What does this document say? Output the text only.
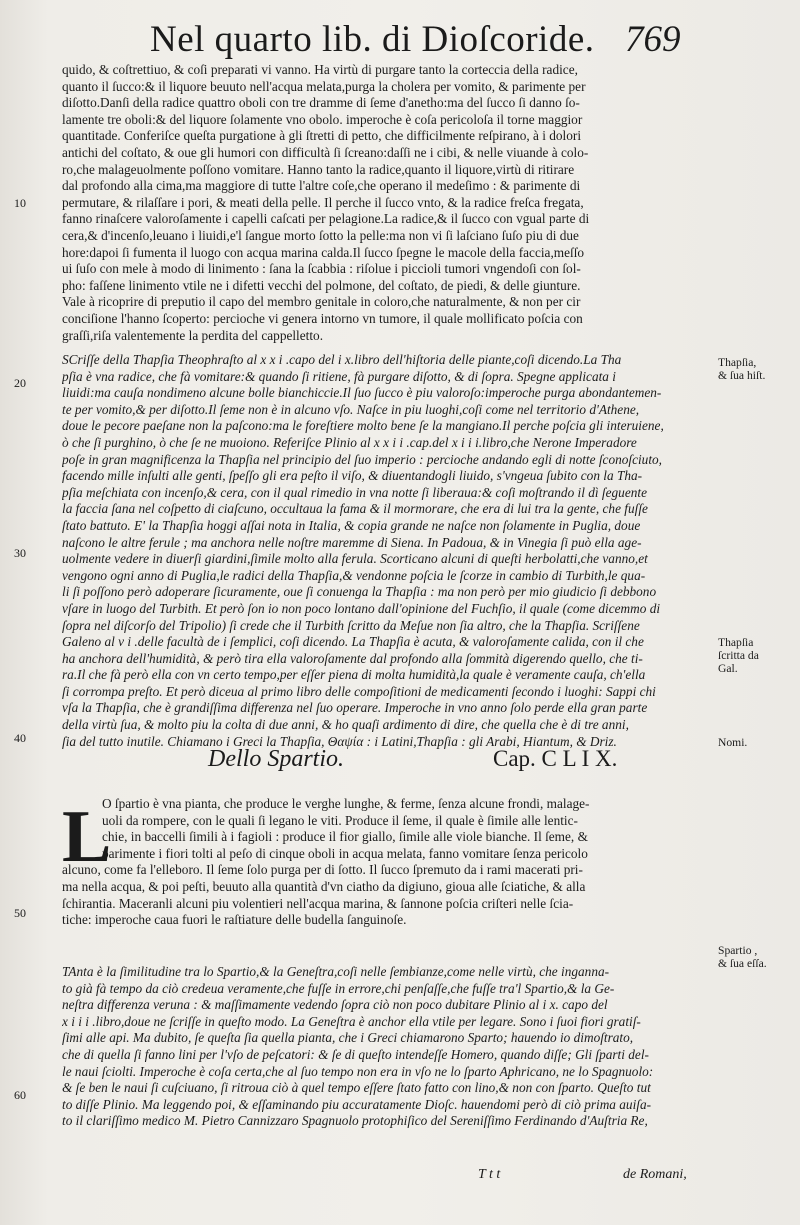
Nel quarto lib. di Dioſcoride. 769
quido, & coſtrettiuo, & coſi preparati vi vanno. Ha virtù di purgare tanto la corteccia della radice,
quanto il ſucco:& il liquore beuuto nell'acqua melata,purga la cholera per vomito, & parimente per
diſotto.Danſi della radice quattro oboli con tre dramme di ſeme d'anetho:ma del ſucco ſi danno ſo-
lamente tre oboli:& del liquore ſolamente vno obolo. imperoche è coſa pericoloſa il torne maggior
quantitade. Conferiſce queſta purgatione à gli ſtretti di petto, che difficilmente reſpirano, à i dolori
antichi del coſtato, & oue gli humori con difficultà ſi ſcreano:daſſi ne i cibi, & nelle viuande à colo-
ro,che malageuolmente poſſono vomitare. Hanno tanto la radice,quanto il liquore,virtù di ritirare
dal profondo alla cima,ma maggiore di tutte l'altre coſe,che operano il medeſimo : & parimente di
permutare, & rilaſſare i pori, & meati della pelle. Il perche il ſucco vnto, & la radice freſca fregata,
fanno rinaſcere valoroſamente i capelli caſcati per pelagione.La radice,& il ſucco con vgual parte di
cera,& d'incenſo,leuano i liuidi,e'l ſangue morto ſotto la pelle:ma non vi ſi laſciano ſuſo piu di due
hore:dapoi ſi fumenta il luogo con acqua marina calda.Il ſucco ſpegne le macole della faccia,meſſo
ui ſuſo con mele à modo di linimento : ſana la ſcabbia : riſolue i piccioli tumori vngendoſi con ſol-
pho: faſſene linimento vtile ne i difetti vecchi del polmone, del coſtato, de piedi, & delle giunture.
Vale à ricoprire di preputio il capo del membro genitale in coloro,che naturalmente, & non per cir
conciſione l'hanno ſcoperto: percioche vi genera intorno vn tumore, il quale mollificato poſcia con
graſſi,riſa valentemente la perdita del cappelletto.
SCriſſe della Thapſia Theophraſto al x x i .capo del i x.libro dell'hiſtoria delle piante,coſi dicendo.La Tha
pſia è vna radice, che fà vomitare:& quando ſi ritiene, fà purgare diſotto, & di ſopra. Spegne applicata i
liuidi:ma cauſa nondimeno alcune bolle bianchiccie.Il ſuo ſucco è piu valoroſo:imperoche purga abondantemen-
te per vomito,& per diſotto.Il ſeme non è in alcuno vſo. Naſce in piu luoghi,coſi come nel territorio d'Athene,
doue le pecore paeſane non la paſcono:ma le foreſtiere molto bene ſe la mangiano.Il perche poſcia gli interuiene,
ò che ſi purghino, ò che ſe ne muoiono. Referiſce Plinio al x x i i .cap.del x i i i.libro,che Nerone Imperadore
poſe in gran magnificenza la Thapſia nel principio del ſuo imperio : percioche andando egli di notte ſconoſciuto,
facendo mille inſulti alle genti, ſpeſſo gli era peſto il viſo, & diuentandogli liuido, s'vngeua ſubito con la Tha-
pſia meſchiata con incenſo,& cera, con il qual rimedio in vna notte ſi liberaua:& coſi moſtrando il dì ſeguente
la faccia ſana nel coſpetto di ciaſcuno, occultaua la fama & il mormorare, che era di lui tra la gente, che fuſſe
ſtato battuto. E' la Thapſia hoggi aſſai nota in Italia, & copia grande ne naſce non ſolamente in Puglia, doue
naſcono le altre ferule ; ma anchora nelle noſtre maremme di Siena. In Padoua, & in Vinegia ſi può ella age-
uolmente vedere in diuerſi giardini,ſimile molto alla ferula. Scorticano alcuni di queſti herbolatti,che vanno,et
vengono ogni anno di Puglia,le radici della Thapſia,& vendonne poſcia le ſcorze in cambio di Turbith,le qua-
li ſi poſſono però adoperare ſicuramente, oue ſi conuenga la Thapſia : ma non però per mio giudicio ſi debbono
vſare in luogo del Turbith. Et però ſon io non poco lontano dall'opinione del Fuchſio, il quale (come dicemmo di
ſopra nel diſcorſo del Tripolio) ſi crede che il Turbith ſcritto da Meſue non ſia altro, che la Thapſia. Scriſſene
Galeno al v i .delle facultà de i ſemplici, coſi dicendo. La Thapſia è acuta, & valoroſamente calida, con il che
ha anchora dell'humidità, & però tira ella valoroſamente dal profondo alla ſommità digerendo quello, che ti-
ra.Il che fà però ella con vn certo tempo,per eſſer piena di molta humidità,la quale è veramente cauſa, ch'ella
ſi corrompa preſto. Et però diceua al primo libro delle compoſitioni de medicamenti ſecondo i luoghi: Sappi chi
vſa la Thapſia, che è grandiſſima differenza nel ſuo operare. Imperoche in vno anno ſolo perde ella gran parte
della virtù ſua, & molto piu la colta di due anni, & ho quaſi ardimento di dire, che quella che è di tre anni,
ſia del tutto inutile. Chiamano i Greci la Thapſia, Θαψία : i Latini,Thapſia : gli Arabi, Hiantum, & Driz.
Dello Spartio.	Cap. C L I X.
L
O ſpartio è vna pianta, che produce le verghe lunghe, & ferme, ſenza alcune frondi, malage-
uoli da rompere, con le quali ſi legano le viti. Produce il ſeme, il quale è ſimile alle lentic-
chie, in baccelli ſimili à i fagioli : produce il fior giallo, ſimile alle viole bianche. Il ſeme, &
parimente i fiori tolti al peſo di cinque oboli in acqua melata, fanno vomitare ſenza pericolo
alcuno, come fa l'elleboro. Il ſeme ſolo purga per di ſotto. Il ſucco ſpremuto da i rami macerati pri-
ma nella acqua, & poi peſti, beuuto alla quantità d'vn ciatho da digiuno, gioua alle ſciatiche, & alla
ſchirantia. Maceranli alcuni piu volentieri nell'acqua marina, & ſannone poſcia criſteri nelle ſcia-
tiche: imperoche caua fuori le raſtiature delle budella ſanguinoſe.
TAnta è la ſimilitudine tra lo Spartio,& la Geneſtra,coſi nelle ſembianze,come nelle virtù, che inganna-
to già fà tempo da ciò credeua veramente,che fuſſe in errore,chi penſaſſe,che fuſſe tra'l Spartio,& la Ge-
neſtra differenza veruna : & maſſimamente vedendo ſopra ciò non poco dubitare Plinio al i x. capo del
x i i i .libro,doue ne ſcriſſe in queſto modo. La Geneſtra è anchor ella vtile per legare. Sono i ſuoi fiori gratiſ-
ſimi alle api. Ma dubito, ſe queſta ſia quella pianta, che i Greci chiamarono Sparto; hauendo io dimoſtrato,
che di quella ſi fanno lini per l'vſo de peſcatori: & ſe di queſto intendeſſe Homero, quando diſſe; Gli ſparti del-
le naui ſciolti. Imperoche è coſa certa,che al ſuo tempo non era in vſo ne lo ſparto Aphricano, ne lo Spagnuolo:
& ſe ben le naui ſi cuſciuano, ſi ritroua ciò à quel tempo eſſere ſtato fatto con lino,& non con ſparto. Queſto tut
to diſſe Plinio. Ma leggendo poi, & eſſaminando piu accuratamente Dioſc. hauendomi però di ciò prima auiſa-
to il clariſſimo medico M. Pietro Cannizzaro Spagnuolo protophiſico del Sereniſſimo Ferdinando d'Auſtria Re,
10
20
30
40
50
60
Thapſia,
& ſua hiſt.
Thapſia
ſcritta da
Gal.
Nomi.
Spartio ,
& ſua eſſa.
T t t	de Romani,
